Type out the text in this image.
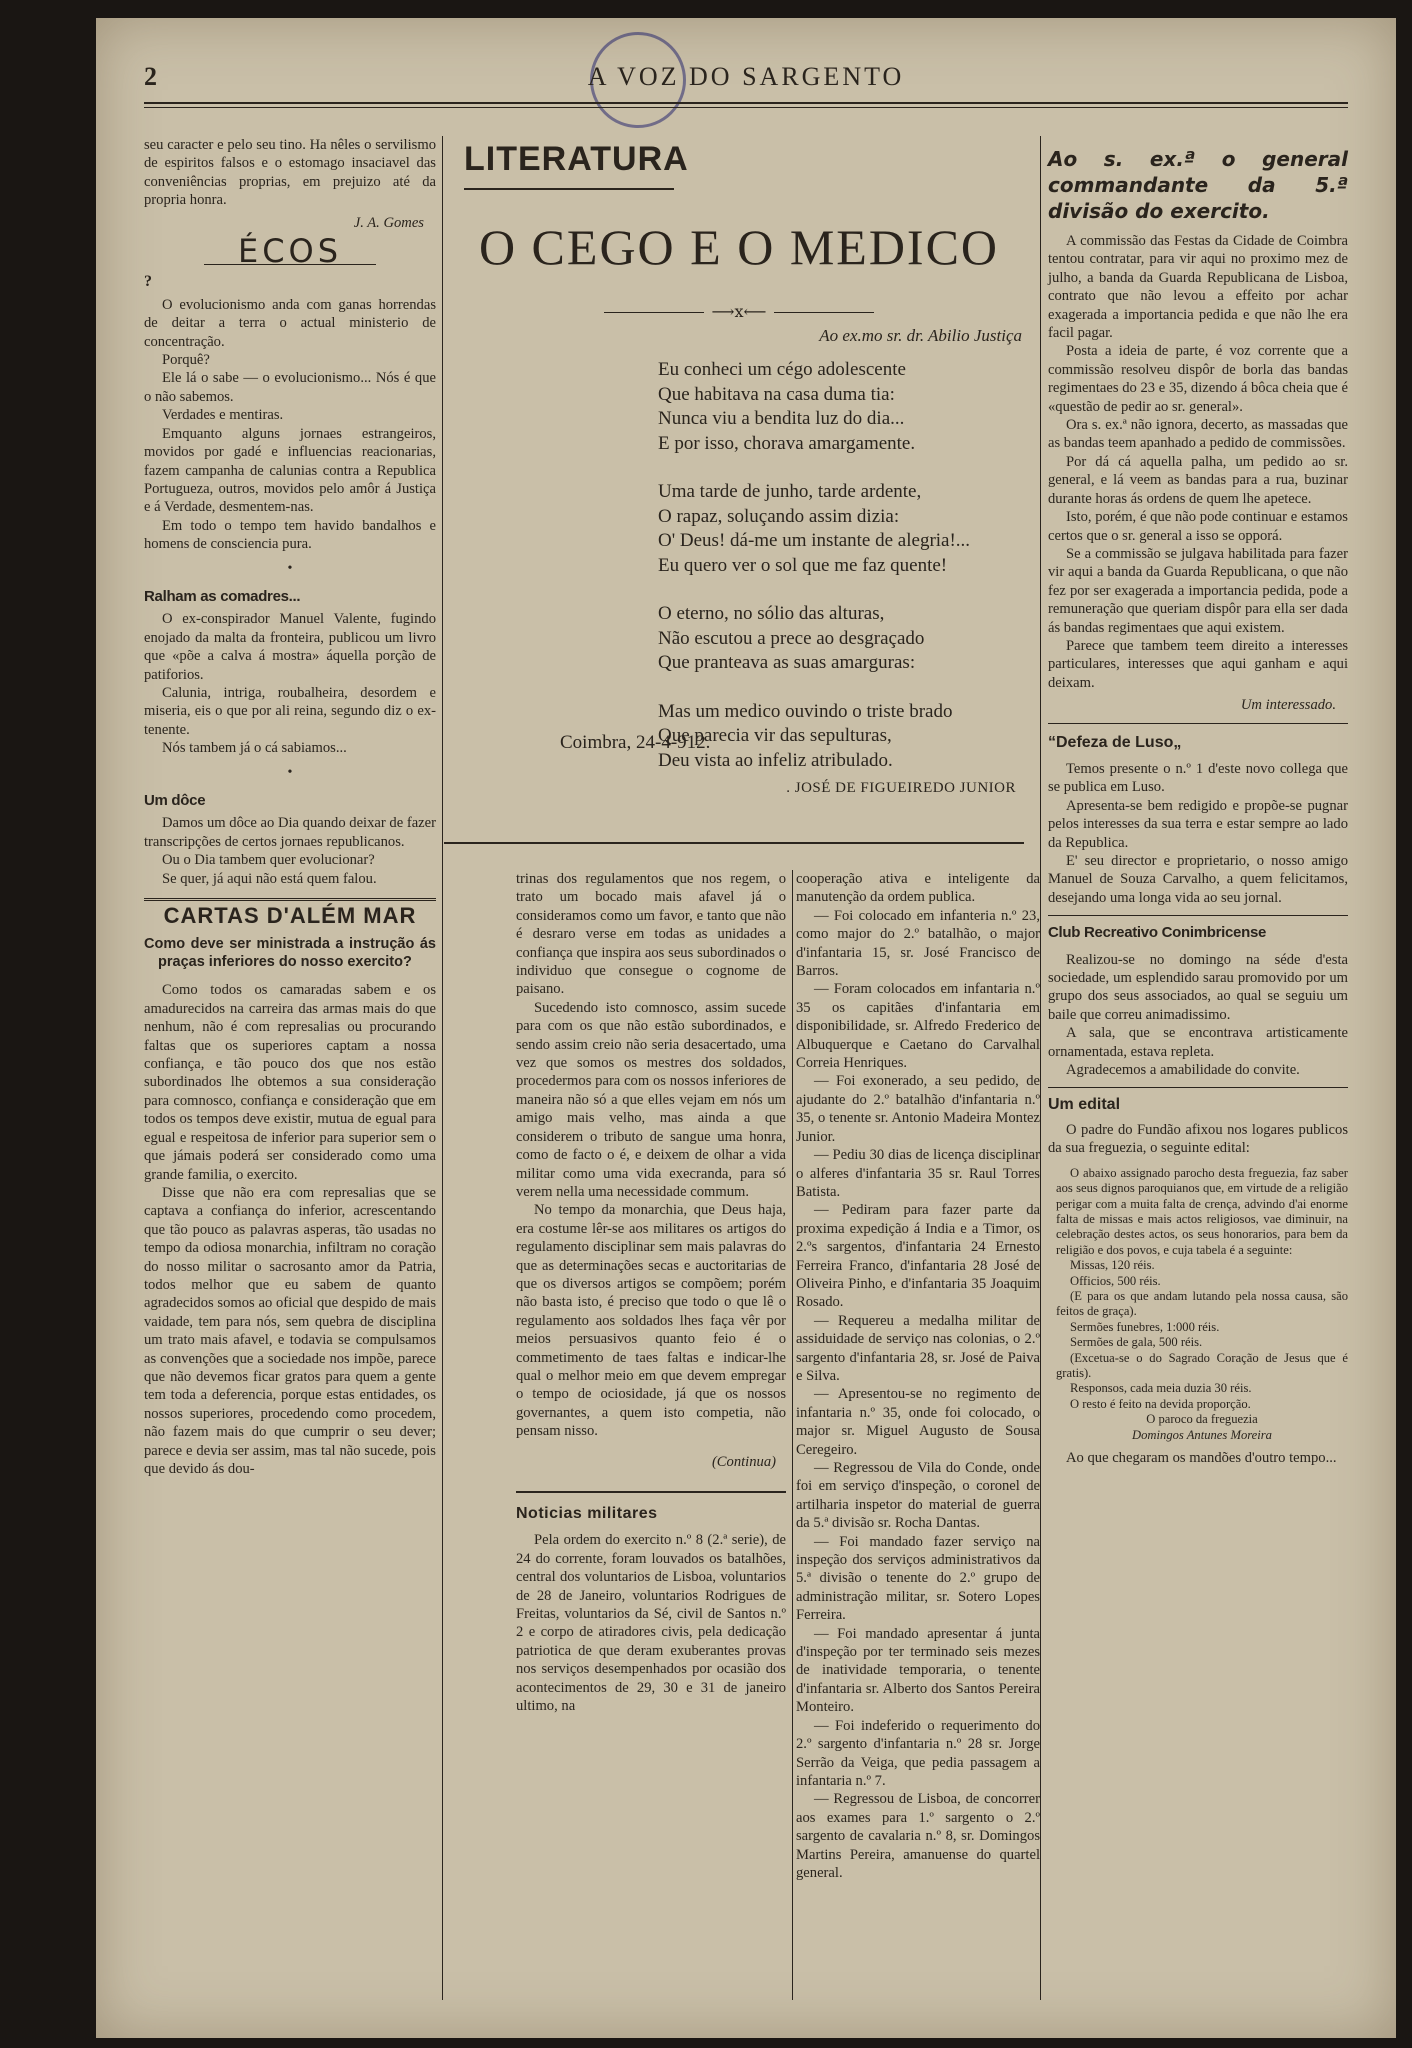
2	A VOZ DO SARGENTO

seu caracter e pelo seu tino. Ha nêles o servilismo de espiritos falsos e o estomago insaciavel das conveniências proprias, em prejuizo até da propria honra.

J. A. Gomes
ÉCOS
?

O evolucionismo anda com ganas horrendas de deitar a terra o actual ministerio de concentração.

Porquê?

Ele lá o sabe — o evolucionismo... Nós é que o não sabemos.

Verdades e mentiras.

Emquanto alguns jornaes estrangeiros, movidos por gadé e influencias reacionarias, fazem campanha de calunias contra a Republica Portugueza, outros, movidos pelo amôr á Justiça e á Verdade, desmentem-nas.

Em todo o tempo tem havido bandalhos e homens de consciencia pura.

•
Ralham as comadres...

O ex-conspirador Manuel Valente, fugindo enojado da malta da fronteira, publicou um livro que «põe a calva á mostra» áquella porção de patiforios.

Calunia, intriga, roubalheira, desordem e miseria, eis o que por ali reina, segundo diz o ex-tenente.

Nós tambem já o cá sabiamos...

•
Um dôce

Damos um dôce ao Dia quando deixar de fazer transcripções de certos jornaes republicanos.

Ou o Dia tambem quer evolucionar?

Se quer, já aqui não está quem falou.

CARTAS D'ALÉM MAR
Como deve ser ministrada a instrução ás praças inferiores do nosso exercito?

Como todos os camaradas sabem e os amadurecidos na carreira das armas mais do que nenhum, não é com represalias ou procurando faltas que os superiores captam a nossa confiança, e tão pouco dos que nos estão subordinados lhe obtemos a sua consideração para comnosco, confiança e consideração que em todos os tempos deve existir, mutua de egual para egual e respeitosa de inferior para superior sem o que jámais poderá ser considerado como uma grande familia, o exercito.

Disse que não era com represalias que se captava a confiança do inferior, acrescentando que tão pouco as palavras asperas, tão usadas no tempo da odiosa monarchia, infiltram no coração do nosso militar o sacrosanto amor da Patria, todos melhor que eu sabem de quanto agradecidos somos ao oficial que despido de mais vaidade, tem para nós, sem quebra de disciplina um trato mais afavel, e todavia se compulsamos as convenções que a sociedade nos impõe, parece que não devemos ficar gratos para quem a gente tem toda a deferencia, porque estas entidades, os nossos superiores, procedendo como procedem, não fazem mais do que cumprir o seu dever; parece e devia ser assim, mas tal não sucede, pois que devido ás dou-

LITERATURA
O CEGO E O MEDICO
⟶ⅹ⟵
Ao ex.mo sr. dr. Abilio Justiça
Eu conheci um cégo adolescente
Que habitava na casa duma tia:
Nunca viu a bendita luz do dia...
E por isso, chorava amargamente.
Uma tarde de junho, tarde ardente,
O rapaz, soluçando assim dizia:
O' Deus! dá-me um instante de alegria!...
Eu quero ver o sol que me faz quente!
O eterno, no sólio das alturas,
Não escutou a prece ao desgraçado
Que pranteava as suas amarguras:
Mas um medico ouvindo o triste brado
Que parecia vir das sepulturas,
Deu vista ao infeliz atribulado.
Coimbra, 24-4-912.
. JOSÉ DE FIGUEIREDO JUNIOR

trinas dos regulamentos que nos regem, o trato um bocado mais afavel já o consideramos como um favor, e tanto que não é desraro verse em todas as unidades a confiança que inspira aos seus subordinados o individuo que consegue o cognome de paisano.

Sucedendo isto comnosco, assim sucede para com os que não estão subordinados, e sendo assim creio não seria desacertado, uma vez que somos os mestres dos soldados, procedermos para com os nossos inferiores de maneira não só a que elles vejam em nós um amigo mais velho, mas ainda a que considerem o tributo de sangue uma honra, como de facto o é, e deixem de olhar a vida militar como uma vida execranda, para só verem nella uma necessidade commum.

No tempo da monarchia, que Deus haja, era costume lêr-se aos militares os artigos do regulamento disciplinar sem mais palavras do que as determinações secas e auctoritarias de que os diversos artigos se compõem; porém não basta isto, é preciso que todo o que lê o regulamento aos soldados lhes faça vêr por meios persuasivos quanto feio é o commetimento de taes faltas e indicar-lhe qual o melhor meio em que devem empregar o tempo de ociosidade, já que os nossos governantes, a quem isto competia, não pensam nisso.

(Continua)
Noticias militares

Pela ordem do exercito n.º 8 (2.ª serie), de 24 do corrente, foram louvados os batalhões, central dos voluntarios de Lisboa, voluntarios de 28 de Janeiro, voluntarios Rodrigues de Freitas, voluntarios da Sé, civil de Santos n.º 2 e corpo de atiradores civis, pela dedicação patriotica de que deram exuberantes provas nos serviços desempenhados por ocasião dos acontecimentos de 29, 30 e 31 de janeiro ultimo, na

cooperação ativa e inteligente da manutenção da ordem publica.

— Foi colocado em infanteria n.º 23, como major do 2.º batalhão, o major d'infantaria 15, sr. José Francisco de Barros.

— Foram colocados em infantaria n.º 35 os capitães d'infantaria em disponibilidade, sr. Alfredo Frederico de Albuquerque e Caetano do Carvalhal Correia Henriques.

— Foi exonerado, a seu pedido, de ajudante do 2.º batalhão d'infantaria n.º 35, o tenente sr. Antonio Madeira Montez Junior.

— Pediu 30 dias de licença disciplinar o alferes d'infantaria 35 sr. Raul Torres Batista.

— Pediram para fazer parte da proxima expedição á India e a Timor, os 2.ºs sargentos, d'infantaria 24 Ernesto Ferreira Franco, d'infantaria 28 José de Oliveira Pinho, e d'infantaria 35 Joaquim Rosado.

— Requereu a medalha militar de assiduidade de serviço nas colonias, o 2.º sargento d'infantaria 28, sr. José de Paiva e Silva.

— Apresentou-se no regimento de infantaria n.º 35, onde foi colocado, o major sr. Miguel Augusto de Sousa Ceregeiro.

— Regressou de Vila do Conde, onde foi em serviço d'inspeção, o coronel de artilharia inspetor do material de guerra da 5.ª divisão sr. Rocha Dantas.

— Foi mandado fazer serviço na inspeção dos serviços administrativos da 5.ª divisão o tenente do 2.º grupo de administração militar, sr. Sotero Lopes Ferreira.

— Foi mandado apresentar á junta d'inspeção por ter terminado seis mezes de inatividade temporaria, o tenente d'infantaria sr. Alberto dos Santos Pereira Monteiro.

— Foi indeferido o requerimento do 2.º sargento d'infantaria n.º 28 sr. Jorge Serrão da Veiga, que pedia passagem a infantaria n.º 7.

— Regressou de Lisboa, de concorrer aos exames para 1.º sargento o 2.º sargento de cavalaria n.º 8, sr. Domingos Martins Pereira, amanuense do quartel general.

Ao s. ex.ª o general commandante da 5.ª divisão do exercito.

A commissão das Festas da Cidade de Coimbra tentou contratar, para vir aqui no proximo mez de julho, a banda da Guarda Republicana de Lisboa, contrato que não levou a effeito por achar exagerada a importancia pedida e que não lhe era facil pagar.

Posta a ideia de parte, é voz corrente que a commissão resolveu dispôr de borla das bandas regimentaes do 23 e 35, dizendo á bôca cheia que é «questão de pedir ao sr. general».

Ora s. ex.ª não ignora, decerto, as massadas que as bandas teem apanhado a pedido de commissões.

Por dá cá aquella palha, um pedido ao sr. general, e lá veem as bandas para a rua, buzinar durante horas ás ordens de quem lhe apetece.

Isto, porém, é que não pode continuar e estamos certos que o sr. general a isso se opporá.

Se a commissão se julgava habilitada para fazer vir aqui a banda da Guarda Republicana, o que não fez por ser exagerada a importancia pedida, pode a remuneração que queriam dispôr para ella ser dada ás bandas regimentaes que aqui existem.

Parece que tambem teem direito a interesses particulares, interesses que aqui ganham e aqui deixam.

Um interessado.
“Defeza de Luso„

Temos presente o n.º 1 d'este novo collega que se publica em Luso.

Apresenta-se bem redigido e propõe-se pugnar pelos interesses da sua terra e estar sempre ao lado da Republica.

E' seu director e proprietario, o nosso amigo Manuel de Souza Carvalho, a quem felicitamos, desejando uma longa vida ao seu jornal.

Club Recreativo Conimbricense

Realizou-se no domingo na séde d'esta sociedade, um esplendido sarau promovido por um grupo dos seus associados, ao qual se seguiu um baile que correu animadissimo.

A sala, que se encontrava artisticamente ornamentada, estava repleta.

Agradecemos a amabilidade do convite.

Um edital

O padre do Fundão afixou nos logares publicos da sua freguezia, o seguinte edital:

O abaixo assignado parocho desta freguezia, faz saber aos seus dignos paroquianos que, em virtude de a religião perigar com a muita falta de crença, advindo d'ai enorme falta de missas e mais actos religiosos, vae diminuir, na celebração destes actos, os seus honorarios, para bem da religião e dos povos, e cuja tabela é a seguinte:

Missas, 120 réis.

Officios, 500 réis.

(E para os que andam lutando pela nossa causa, são feitos de graça).

Sermões funebres, 1:000 réis.

Sermões de gala, 500 réis.

(Excetua-se o do Sagrado Coração de Jesus que é gratis).

Responsos, cada meia duzia 30 réis.

O resto é feito na devida proporção.

O paroco da freguezia

Domingos Antunes Moreira

Ao que chegaram os mandões d'outro tempo...
